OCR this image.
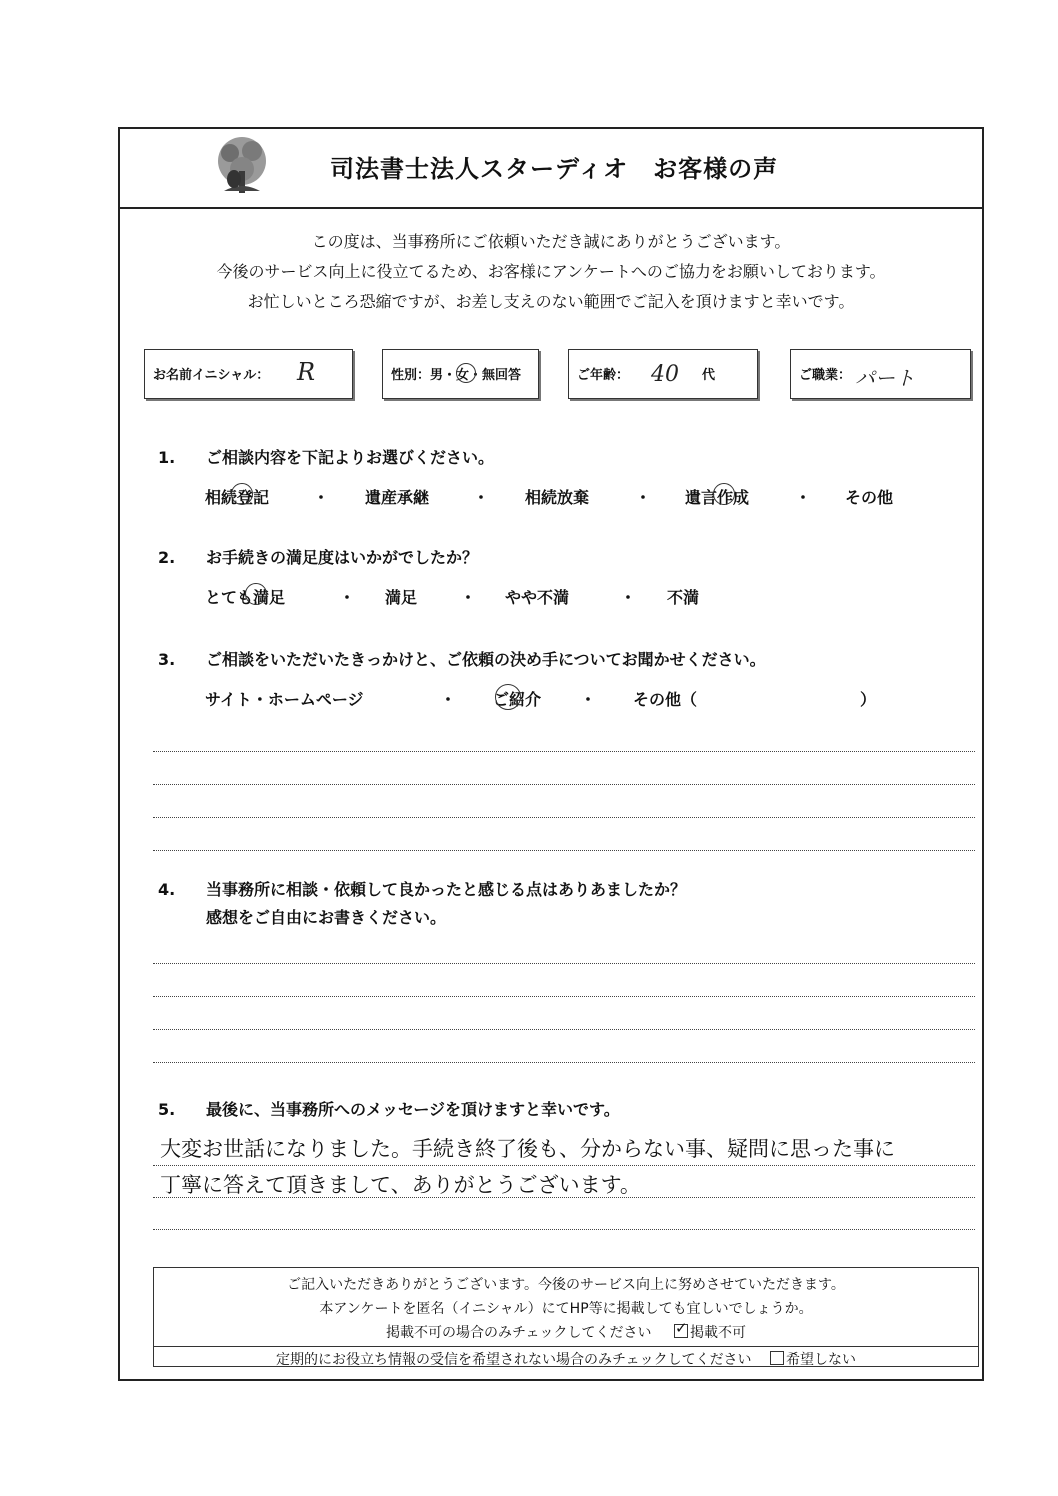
司法書士法人スターディオ　お客様の声
この度は、当事務所にご依頼いただき誠にありがとうございます。
今後のサービス向上に役立てるため、お客様にアンケートへのご協力をお願いしております。
お忙しいところ恐縮ですが、お差し支えのない範囲でご記入を頂けますと幸いです。
お名前イニシャル： R	性別：男・女・無回答	ご年齢： 40 代	ご職業： パート
1. ご相談内容を下記よりお選びください。
相続登記	・ 遺産承継	・ 相続放棄	・ 遺言作成	・ その他
2. お手続きの満足度はいかがでしたか？
とても満足	・ 満足	・ やや不満	・ 不満
3. ご相談をいただいたきっかけと、ご依頼の決め手についてお聞かせください。
サイト・ホームページ	・ ご紹介 ・ その他（	）
4. 当事務所に相談・依頼して良かったと感じる点はありあましたか？
感想をご自由にお書きください。
5. 最後に、当事務所へのメッセージを頂けますと幸いです。
大変お世話になりました。手続き終了後も、分からない事、疑問に思った事に
丁寧に答えて頂きまして、ありがとうございます。
ご記入いただきありがとうございます。今後のサービス向上に努めさせていただきます。
本アンケートを匿名（イニシャル）にてHP等に掲載しても宜しいでしょうか。
掲載不可の場合のみチェックしてください ✓	掲載不可
定期的にお役立ち情報の受信を希望されない場合のみチェックしてください 希望しない
